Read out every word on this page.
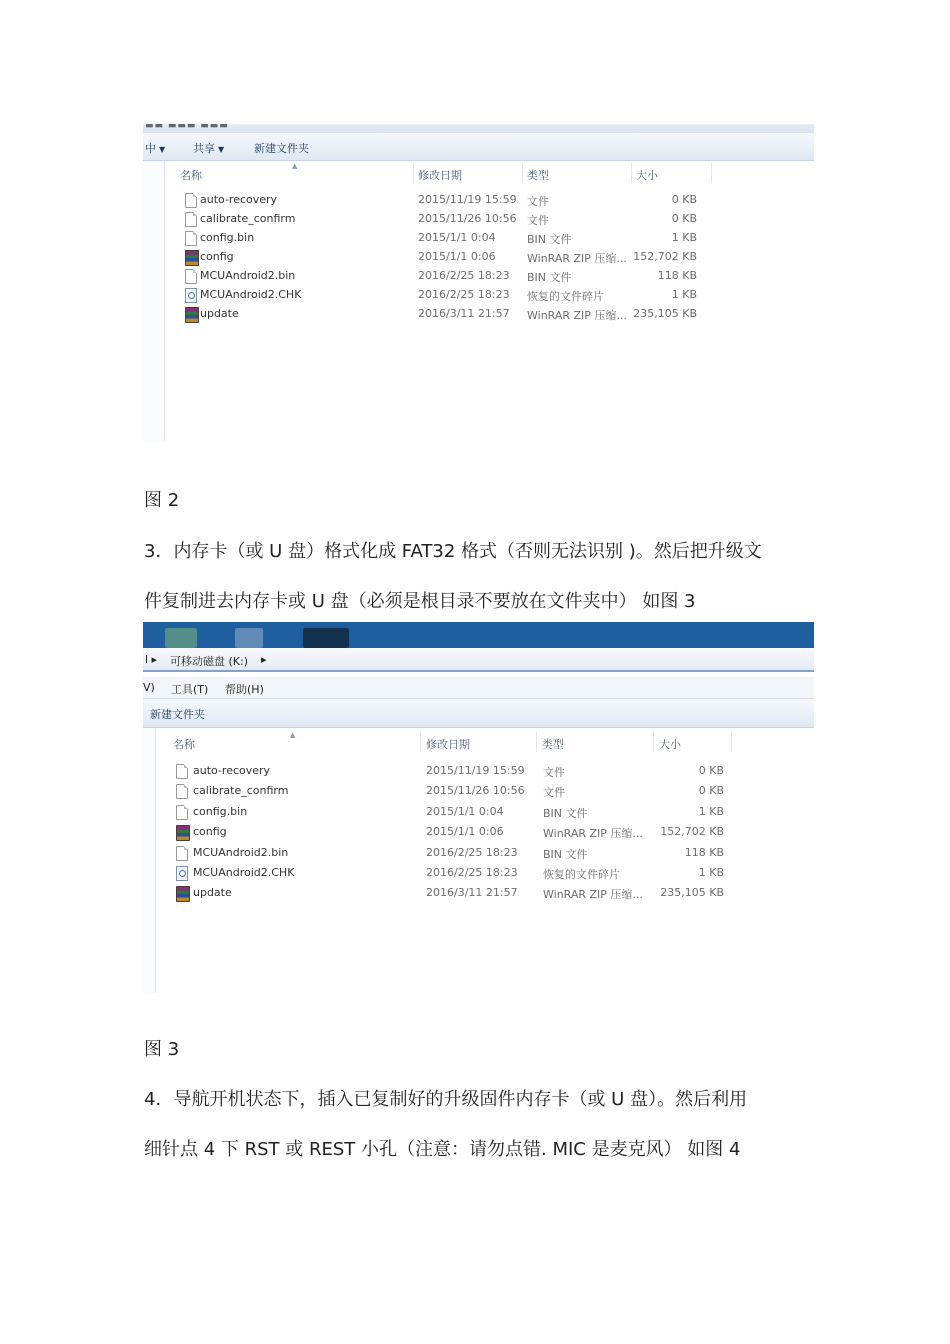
▬▬ ▬▬▬ ▬▬▬
中 ▼	共享 ▼	新建文件夹
名称
▲
修改日期	类型	大小
auto-recovery	2015/11/19 15:59 文件	0 KB
calibrate_confirm	2015/11/26 10:56 文件	0 KB
config.bin	2015/1/1 0:04	BIN 文件	1 KB
config	2015/1/1 0:06	WinRAR ZIP 压缩... 152,702 KB
MCUAndroid2.bin	2016/2/25 18:23 BIN 文件	118 KB
MCUAndroid2.CHK	2016/2/25 18:23 恢复的文件碎片	1 KB
update	2016/3/11 21:57 WinRAR ZIP 压缩... 235,105 KB
图 2
3．内存卡（或 U 盘）格式化成 FAT32 格式（否则无法识别 )。然后把升级文
件复制进去内存卡或 U 盘（必须是根目录不要放在文件夹中） 如图 3
l ▸ 可移动磁盘 (K:) ▸
V) 工具(T) 帮助(H)
新建文件夹
名称
▲
修改日期	类型	大小
auto-recovery	2015/11/19 15:59 文件	0 KB
calibrate_confirm	2015/11/26 10:56 文件	0 KB
config.bin	2015/1/1 0:04	BIN 文件	1 KB
config	2015/1/1 0:06	WinRAR ZIP 压缩... 152,702 KB
MCUAndroid2.bin	2016/2/25 18:23 BIN 文件	118 KB
MCUAndroid2.CHK	2016/2/25 18:23 恢复的文件碎片	1 KB
update	2016/3/11 21:57 WinRAR ZIP 压缩... 235,105 KB
图 3
4．导航开机状态下，插入已复制好的升级固件内存卡（或 U 盘）。然后利用
细针点 4 下 RST 或 REST 小孔（注意：请勿点错. MIC 是麦克风） 如图 4
